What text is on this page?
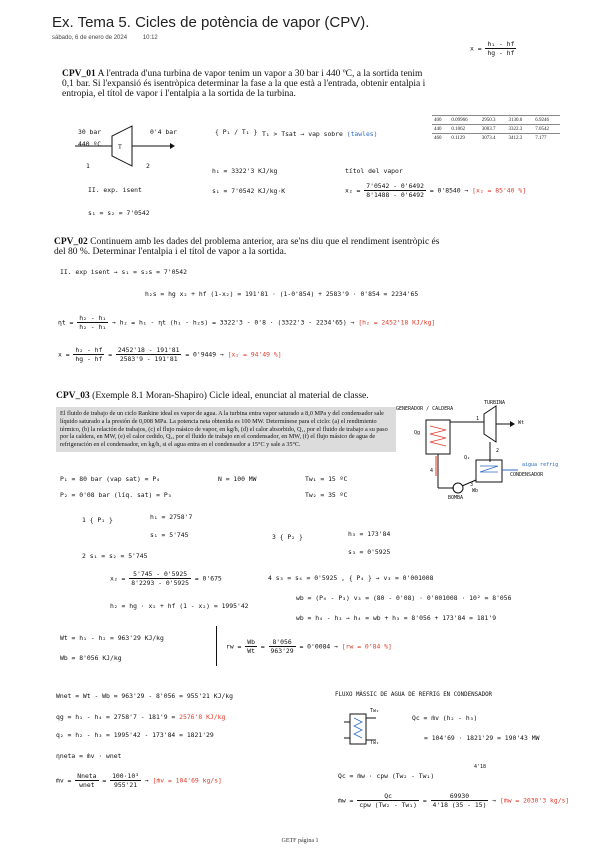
Ex. Tema 5. Cicles de potència de vapor (CPV).
sábado, 6 de enero de 2024	10:12
$x = \frac{\text{h₁ - hf}}{hg - hf}$
CPV_01 A l'entrada d'una turbina de vapor tenim un vapor a 30 bar i 440 ºC, a la sortida tenim 0,1 bar. Si l'expansió és isentròpica determinar la fase a la que està a l'entrada, obtenir entalpia i entropia, el títol de vapor i l'entalpia a la sortida de la turbina.
400	0.09966	2950.3	3130.6	6.9246
440	0.1062	3003.7	3322.3	7.0542
460	0.1129	3073.4	3412.3	7.177
30 bar
440 ºC
0'4 bar
T
1	2
{ P₁ / T₁ } T₁ > Tsat → vap sobre (tawles)
h₁ = 3322'3 KJ/kg
s₁ = 7'0542 KJ/kg·K
títol del vapor
$x_2 = \frac{7'0542 - 0'6492}{8'1488 - 0'6492} = 0'8540 \to [x_2 = 85'40$ %]
II. exp. isent
s₁ = s₂ = 7'0542
CPV_02 Continuem amb les dades del problema anterior, ara se'ns diu que el rendiment isentròpic és del 80 %. Determinar l'entalpia i el títol de vapor a la sortida.
II. exp isent → s₁ = s₂s = 7'0542
h₂s = hg x₂ + hf (1-x₂) = 191'81 · (1-0'854) + 2583'9 · 0'854 = 2234'65
$\eta t = \frac{\text{h₂ - h₁}}{\text{h₂ - h₁}} \to h_2 = h_1 - \eta t$ (h₁ - h₂s) = 3322'3 - 0'8 · (3322'3 - 2234'65) → [h₂ = 2452'18 KJ/kg]
$x = \frac{\text{h₂ - hf}}{hg - hf} = \frac{2452'18 - 191'81}{2583'9 - 191'81} = 0'9449 \to [x_2 = 94'49$ %]
CPV_03 (Exemple 8.1 Moran-Shapiro) Cicle ideal, enunciat al material de classe.
El fluido de trabajo de un ciclo Rankine ideal es vapor de agua. A la turbina entra vapor saturado a 8,0 MPa y del condensador sale líquido saturado a la presión de 0,008 MPa. La potencia neta obtenida es 100 MW. Determínese para el ciclo: (a) el rendimiento térmico, (b) la relación de trabajos, (c) el flujo másico de vapor, en kg/h, (d) el calor absorbido, Q₁, por el fluido de trabajo a su paso por la caldera, en MW, (e) el calor cedido, Q₂, por el fluido de trabajo en el condensador, en MW, (f) el flujo másico de agua de refrigeración en el condensador, en kg/h, si el agua entra en el condensador a 15°C y sale a 35°C.
GENERADOR / CALDERA
TURBINA
CONDENSADOR
BOMBA
aigua refrig
Qg
Q₂
Wt
Wb
1
2
3
4
P₁ = 80 bar (vap sat) = P₄
P₂ = 0'08 bar (líq. sat) = P₃
N = 100 MW	Tw₁ = 15 ºC
Tw₂ = 35 ºC
1 { P₁ }	h₁ = 2758'7
s₁ = 5'745
2 s₁ = s₂ = 5'745
$x_2 = \frac{5'745 - 0'5925}{8'2293 - 0'5925} = 0'675$
h₂ = hg · x₂ + hf (1 - x₂) = 1995'42
3 { P₂ }	h₃ = 173'84
s₃ = 0'5925
4 s₃ = s₄ = 0'5925 , { P₄ } → v₃ = 0'001008
wb = (P₄ - P₃) v₃ = (80 - 0'08) · 0'001008 · 10² = 8'056
wb = h₄ - h₃ → h₄ = wb + h₃ = 8'056 + 173'84 = 181'9
Wt = h₁ - h₂ = 963'29 KJ/kg
Wb = 8'056 KJ/kg
rw = $\frac{Wb}{Wt} = \frac{8'056}{963'29} = 0'0084 \to [rw = 0'84$ %]
Wnet = Wt - Wb = 963'29 - 8'056 = 955'21 KJ/kg
qg = h₁ - h₄ = 2758'7 - 181'9 = 2576'8 KJ/kg
q₂ = h₂ - h₃ = 1995'42 - 173'84 = 1821'29
ηneta = ṁv · wnet
ṁv = $\frac{\text{Nneta}}{\text{wnet}} = \frac{\text{100·10³}}{955'21}$ → [ṁv = 104'69 kg/s]
FLUXO MÀSSIC DE AGUA DE REFRIG EN CONDENSADOR
Tw₂
Tw₁
Qc = ṁv (h₂ - h₃)
= 104'69 · 1821'29 = 190'43 MW
4'18
Qc = ṁw · cpw (Tw₂ - Tw₁)
ṁw = $\frac{Qc}{\text{cpw (Tw₂ - Tw₁)}} = \frac{69930}{4'18 (35 - 15)}$ → [ṁw = 2030'3 kg/s]
GETF página 1
